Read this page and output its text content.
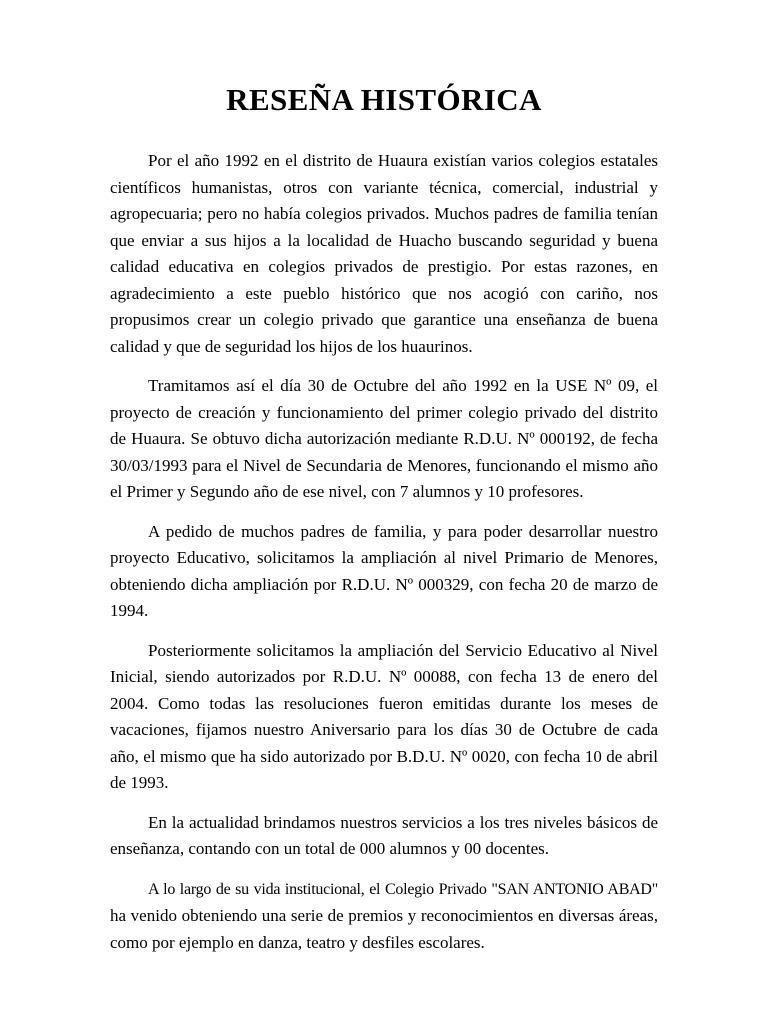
RESEÑA HISTÓRICA

Por el año 1992 en el distrito de Huaura existían varios colegios estatales científicos humanistas, otros con variante técnica, comercial, industrial y agropecuaria; pero no había colegios privados. Muchos padres de familia tenían que enviar a sus hijos a la localidad de Huacho buscando seguridad y buena calidad educativa en colegios privados de prestigio. Por estas razones, en agradecimiento a este pueblo histórico que nos acogió con cariño, nos propusimos crear un colegio privado que garantice una enseñanza de buena calidad y que de seguridad los hijos de los huaurinos.

Tramitamos así el día 30 de Octubre del año 1992 en la USE Nº 09, el proyecto de creación y funcionamiento del primer colegio privado del distrito de Huaura. Se obtuvo dicha autorización mediante R.D.U. Nº 000192, de fecha 30/03/1993 para el Nivel de Secundaria de Menores, funcionando el mismo año el Primer y Segundo año de ese nivel, con 7 alumnos y 10 profesores.

A pedido de muchos padres de familia, y para poder desarrollar nuestro proyecto Educativo, solicitamos la ampliación al nivel Primario de Menores, obteniendo dicha ampliación por R.D.U. Nº 000329, con fecha 20 de marzo de 1994.

Posteriormente solicitamos la ampliación del Servicio Educativo al Nivel Inicial, siendo autorizados por R.D.U. Nº 00088, con fecha 13 de enero del 2004. Como todas las resoluciones fueron emitidas durante los meses de vacaciones, fijamos nuestro Aniversario para los días 30 de Octubre de cada año, el mismo que ha sido autorizado por B.D.U. Nº 0020, con fecha 10 de abril de 1993.

En la actualidad brindamos nuestros servicios a los tres niveles básicos de enseñanza, contando con un total de 000 alumnos y 00 docentes.

A lo largo de su vida institucional, el Colegio Privado "SAN ANTONIO ABAD" ha venido obteniendo una serie de premios y reconocimientos en diversas áreas, como por ejemplo en danza, teatro y desfiles escolares.
